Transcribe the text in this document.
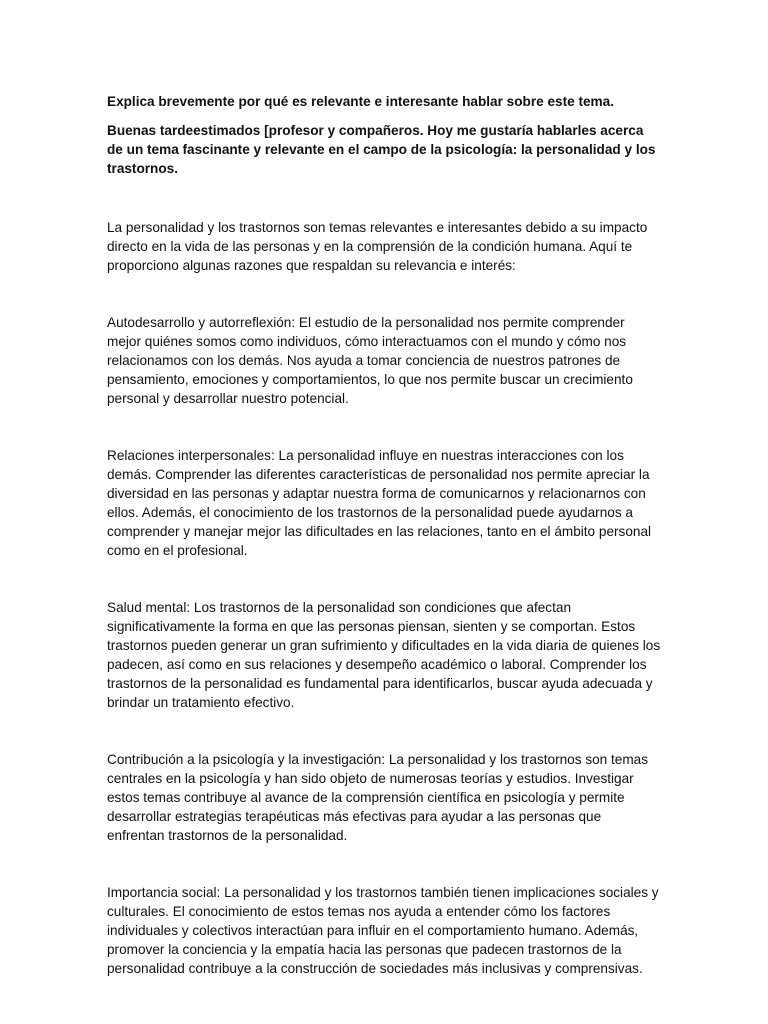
Explica brevemente por qué es relevante e interesante hablar sobre este tema.

Buenas tardeestimados [profesor y compañeros. Hoy me gustaría hablarles acerca de un tema fascinante y relevante en el campo de la psicología: la personalidad y los trastornos.

La personalidad y los trastornos son temas relevantes e interesantes debido a su impacto directo en la vida de las personas y en la comprensión de la condición humana. Aquí te proporciono algunas razones que respaldan su relevancia e interés:

Autodesarrollo y autorreflexión: El estudio de la personalidad nos permite comprender mejor quiénes somos como individuos, cómo interactuamos con el mundo y cómo nos relacionamos con los demás. Nos ayuda a tomar conciencia de nuestros patrones de pensamiento, emociones y comportamientos, lo que nos permite buscar un crecimiento personal y desarrollar nuestro potencial.

Relaciones interpersonales: La personalidad influye en nuestras interacciones con los demás. Comprender las diferentes características de personalidad nos permite apreciar la diversidad en las personas y adaptar nuestra forma de comunicarnos y relacionarnos con ellos. Además, el conocimiento de los trastornos de la personalidad puede ayudarnos a comprender y manejar mejor las dificultades en las relaciones, tanto en el ámbito personal como en el profesional.

Salud mental: Los trastornos de la personalidad son condiciones que afectan significativamente la forma en que las personas piensan, sienten y se comportan. Estos trastornos pueden generar un gran sufrimiento y dificultades en la vida diaria de quienes los padecen, así como en sus relaciones y desempeño académico o laboral. Comprender los trastornos de la personalidad es fundamental para identificarlos, buscar ayuda adecuada y brindar un tratamiento efectivo.

Contribución a la psicología y la investigación: La personalidad y los trastornos son temas centrales en la psicología y han sido objeto de numerosas teorías y estudios. Investigar estos temas contribuye al avance de la comprensión científica en psicología y permite desarrollar estrategias terapéuticas más efectivas para ayudar a las personas que enfrentan trastornos de la personalidad.

Importancia social: La personalidad y los trastornos también tienen implicaciones sociales y culturales. El conocimiento de estos temas nos ayuda a entender cómo los factores individuales y colectivos interactúan para influir en el comportamiento humano. Además, promover la conciencia y la empatía hacia las personas que padecen trastornos de la personalidad contribuye a la construcción de sociedades más inclusivas y comprensivas.
